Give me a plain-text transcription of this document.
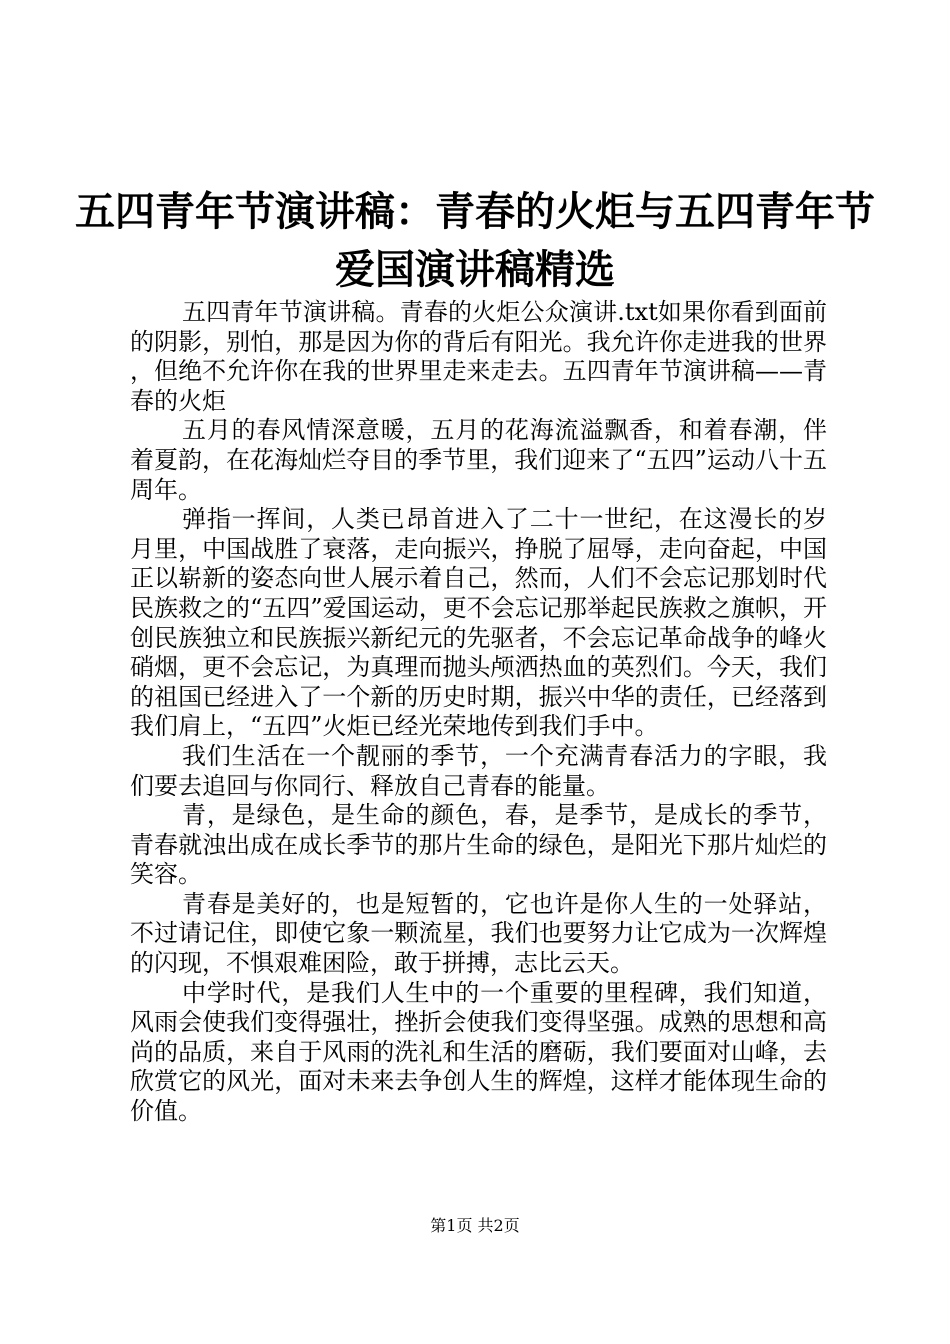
五四青年节演讲稿：青春的火炬与五四青年节
爱国演讲稿精选

五四青年节演讲稿。青春的火炬公众演讲.txt如果你看到面前的阴影，别怕，那是因为你的背后有阳光。我允许你走进我的世界，但绝不允许你在我的世界里走来走去。五四青年节演讲稿——青春的火炬

五月的春风情深意暖，五月的花海流溢飘香，和着春潮，伴着夏韵，在花海灿烂夺目的季节里，我们迎来了“五四”运动八十五周年。

弹指一挥间，人类已昂首进入了二十一世纪，在这漫长的岁月里，中国战胜了衰落，走向振兴，挣脱了屈辱，走向奋起，中国正以崭新的姿态向世人展示着自己，然而，人们不会忘记那划时代民族救之的“五四”爱国运动，更不会忘记那举起民族救之旗帜，开创民族独立和民族振兴新纪元的先驱者，不会忘记革命战争的峰火硝烟，更不会忘记，为真理而抛头颅洒热血的英烈们。今天，我们的祖国已经进入了一个新的历史时期，振兴中华的责任，已经落到我们肩上，“五四”火炬已经光荣地传到我们手中。

我们生活在一个靓丽的季节，一个充满青春活力的字眼，我们要去追回与你同行、释放自己青春的能量。

青，是绿色，是生命的颜色，春，是季节，是成长的季节，青春就浊出成在成长季节的那片生命的绿色，是阳光下那片灿烂的笑容。

青春是美好的，也是短暂的，它也许是你人生的一处驿站，不过请记住，即使它象一颗流星，我们也要努力让它成为一次辉煌的闪现，不惧艰难困险，敢于拼搏，志比云天。

中学时代，是我们人生中的一个重要的里程碑，我们知道，风雨会使我们变得强壮，挫折会使我们变得坚强。成熟的思想和高尚的品质，来自于风雨的洗礼和生活的磨砺，我们要面对山峰，去欣赏它的风光，面对未来去争创人生的辉煌，这样才能体现生命的价值。

第1页 共2页
